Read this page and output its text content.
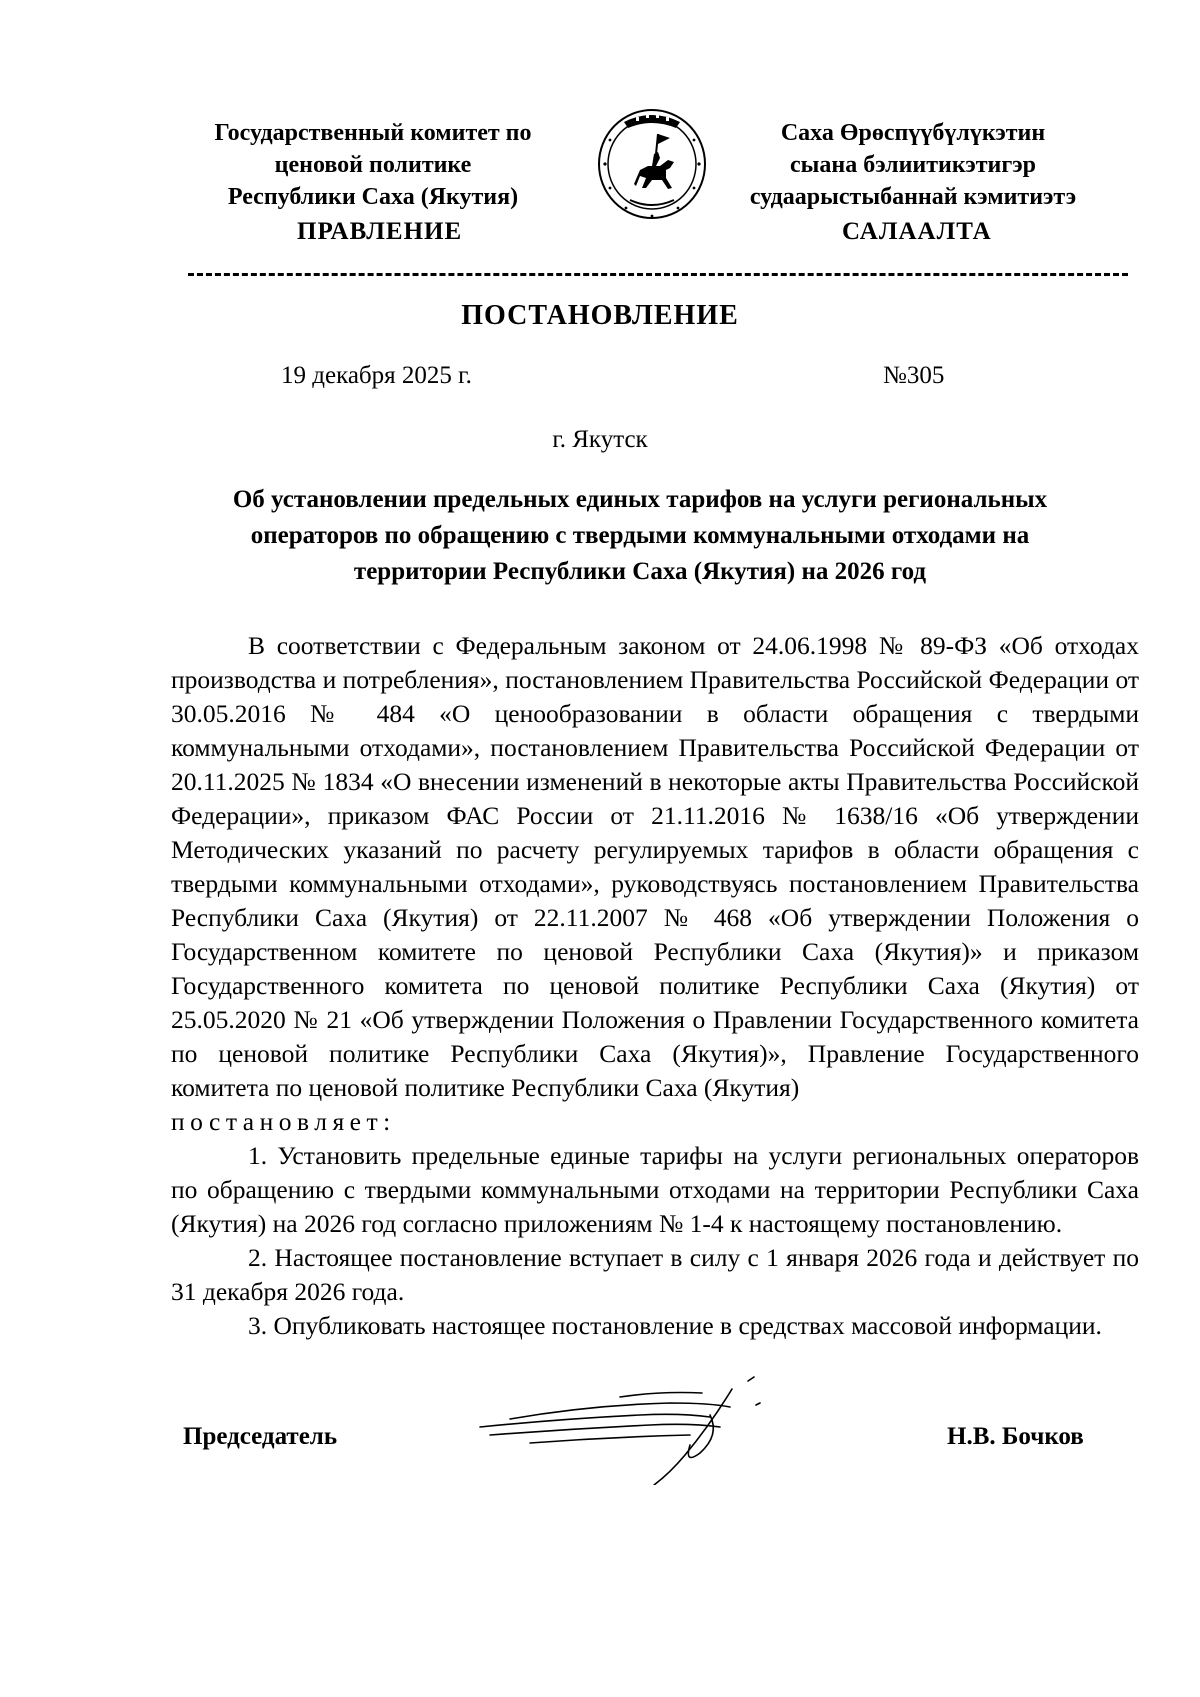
Государственный комитет по
ценовой политике
Республики Саха (Якутия)
Саха Өрөспүүбүлүкэтин
сыана бэлиитикэтигэр
судаарыстыбаннай кэмитиэтэ
ПРАВЛЕНИЕ	САЛААЛТА
ПОСТАНОВЛЕНИЕ
19 декабря 2025 г.	№305
г. Якутск
Об установлении предельных единых тарифов на услуги региональных
операторов по обращению с твердыми коммунальными отходами на
территории Республики Саха (Якутия) на 2026 год

В соответствии с Федеральным законом от 24.06.1998 № 89-ФЗ «Об отходах производства и потребления», постановлением Правительства Российской Федерации от 30.05.2016 № 484 «О ценообразовании в области обращения с твердыми коммунальными отходами», постановлением Правительства Российской Федерации от 20.11.2025 № 1834 «О внесении изменений в некоторые акты Правительства Российской Федерации», приказом ФАС России от 21.11.2016 № 1638/16 «Об утверждении Методических указаний по расчету регулируемых тарифов в области обращения с твердыми коммунальными отходами», руководствуясь постановлением Правительства Республики Саха (Якутия) от 22.11.2007 № 468 «Об утверждении Положения о Государственном комитете по ценовой Республики Саха (Якутия)» и приказом Государственного комитета по ценовой политике Республики Саха (Якутия) от 25.05.2020 № 21 «Об утверждении Положения о Правлении Государственного комитета по ценовой политике Республики Саха (Якутия)», Правление Государственного комитета по ценовой политике Республики Саха (Якутия)

постановляет:

1. Установить предельные единые тарифы на услуги региональных операторов по обращению с твердыми коммунальными отходами на территории Республики Саха (Якутия) на 2026 год согласно приложениям № 1-4 к настоящему постановлению.

2. Настоящее постановление вступает в силу с 1 января 2026 года и действует по 31 декабря 2026 года.

3. Опубликовать настоящее постановление в средствах массовой информации.

Председатель	Н.В. Бочков
